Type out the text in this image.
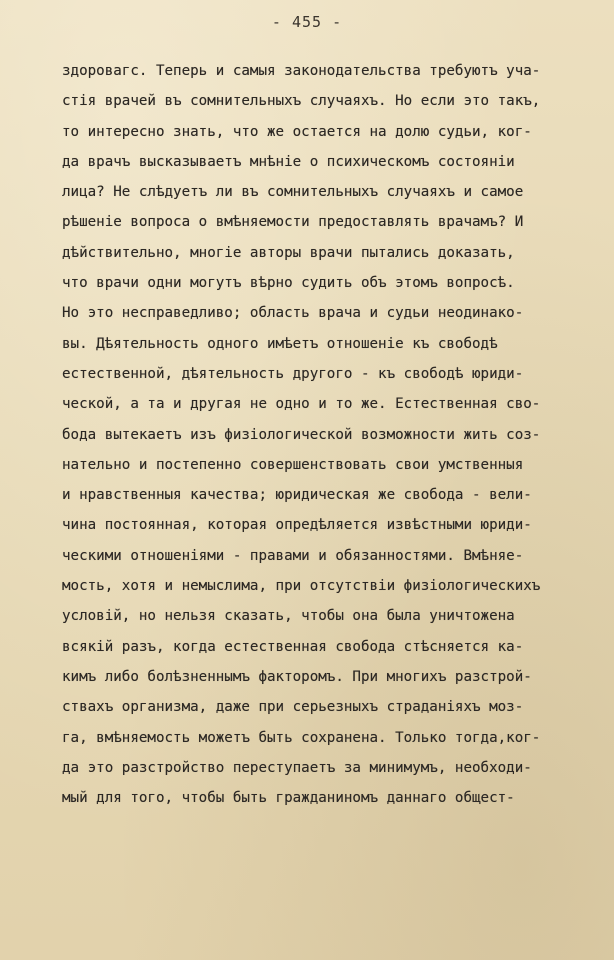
- 455 -
здоровагс. Теперь и самыя законодательства требуютъ уча-
стія врачей въ сомнительныхъ случаяхъ. Но если это такъ,
то интересно знать, что же остается на долю судьи, ког-
да врачъ высказываетъ мнѣніе о психическомъ состояніи
лица? Не слѣдуетъ ли въ сомнительныхъ случаяхъ и самое
рѣшеніе вопроса о вмѣняемости предоставлять врачамъ? И
дѣйствительно, многіе авторы врачи пытались доказать,
что врачи одни могутъ вѣрно судить объ этомъ вопросѣ.
Но это несправедливо; область врача и судьи неодинако-
вы. Дѣятельность одного имѣетъ отношеніе къ свободѣ
естественной, дѣятельность другого - къ свободѣ юриди-
ческой, а та и другая не одно и то же. Естественная сво-
бода вытекаетъ изъ физіологической возможности жить соз-
нательно и постепенно совершенствовать свои умственныя
и нравственныя качества; юридическая же свобода - вели-
чина постоянная, которая опредѣляется извѣстными юриди-
ческими отношеніями - правами и обязанностями. Вмѣняе-
мость, хотя и немыслима, при отсутствіи физіологическихъ
условій, но нельзя сказать, чтобы она была уничтожена
всякій разъ, когда естественная свобода стѣсняется ка-
кимъ либо болѣзненнымъ факторомъ. При многихъ разстрой-
ствахъ организма, даже при серьезныхъ страданіяхъ моз-
га, вмѣняемость можетъ быть сохранена. Только тогда,ког-
да это разстройство переступаетъ за минимумъ, необходи-
мый для того, чтобы быть гражданиномъ даннаго общест-
